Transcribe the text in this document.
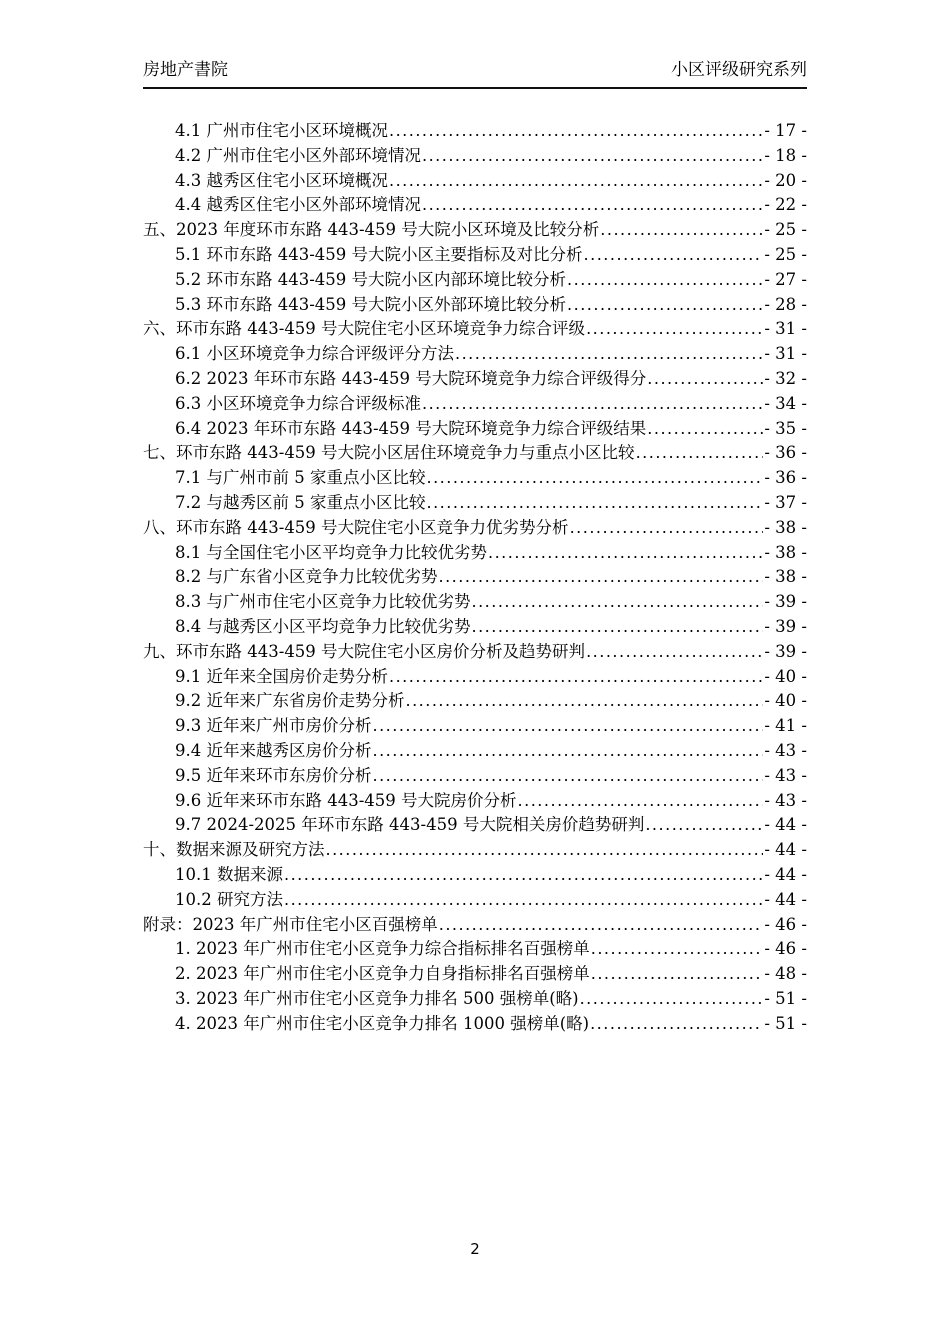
房地产書院	小区评级研究系列
4.1 广州市住宅小区环境概况 .....	- 17 -
4.2 广州市住宅小区外部环境情况 .....	- 18 -
4.3 越秀区住宅小区环境概况 .....	- 20 -
4.4 越秀区住宅小区外部环境情况 .....	- 22 -
五、2023 年度环市东路 443-459 号大院小区环境及比较分析 .....	- 25 -
5.1 环市东路 443-459 号大院小区主要指标及对比分析 .....	- 25 -
5.2 环市东路 443-459 号大院小区内部环境比较分析 .....	- 27 -
5.3 环市东路 443-459 号大院小区外部环境比较分析 .....	- 28 -
六、环市东路 443-459 号大院住宅小区环境竞争力综合评级 .....	- 31 -
6.1 小区环境竞争力综合评级评分方法 .....	- 31 -
6.2 2023 年环市东路 443-459 号大院环境竞争力综合评级得分 .....	- 32 -
6.3 小区环境竞争力综合评级标准 .....	- 34 -
6.4 2023 年环市东路 443-459 号大院环境竞争力综合评级结果 .....	- 35 -
七、环市东路 443-459 号大院小区居住环境竞争力与重点小区比较 .....	- 36 -
7.1 与广州市前 5 家重点小区比较 .....	- 36 -
7.2 与越秀区前 5 家重点小区比较 .....	- 37 -
八、环市东路 443-459 号大院住宅小区竞争力优劣势分析 .....	- 38 -
8.1 与全国住宅小区平均竞争力比较优劣势 .....	- 38 -
8.2 与广东省小区竞争力比较优劣势 .....	- 38 -
8.3 与广州市住宅小区竞争力比较优劣势 .....	- 39 -
8.4 与越秀区小区平均竞争力比较优劣势 .....	- 39 -
九、环市东路 443-459 号大院住宅小区房价分析及趋势研判 .....	- 39 -
9.1 近年来全国房价走势分析 .....	- 40 -
9.2 近年来广东省房价走势分析 .....	- 40 -
9.3 近年来广州市房价分析 .....	- 41 -
9.4 近年来越秀区房价分析 .....	- 43 -
9.5 近年来环市东房价分析 .....	- 43 -
9.6 近年来环市东路 443-459 号大院房价分析 .....	- 43 -
9.7 2024-2025 年环市东路 443-459 号大院相关房价趋势研判 .....	- 44 -
十、数据来源及研究方法 .....	- 44 -
10.1 数据来源 .....	- 44 -
10.2 研究方法 .....	- 44 -
附录：2023 年广州市住宅小区百强榜单 .....	- 46 -
1. 2023 年广州市住宅小区竞争力综合指标排名百强榜单 .....	- 46 -
2. 2023 年广州市住宅小区竞争力自身指标排名百强榜单 .....	- 48 -
3. 2023 年广州市住宅小区竞争力排名 500 强榜单(略) .....	- 51 -
4. 2023 年广州市住宅小区竞争力排名 1000 强榜单(略) .....	- 51 -
2
